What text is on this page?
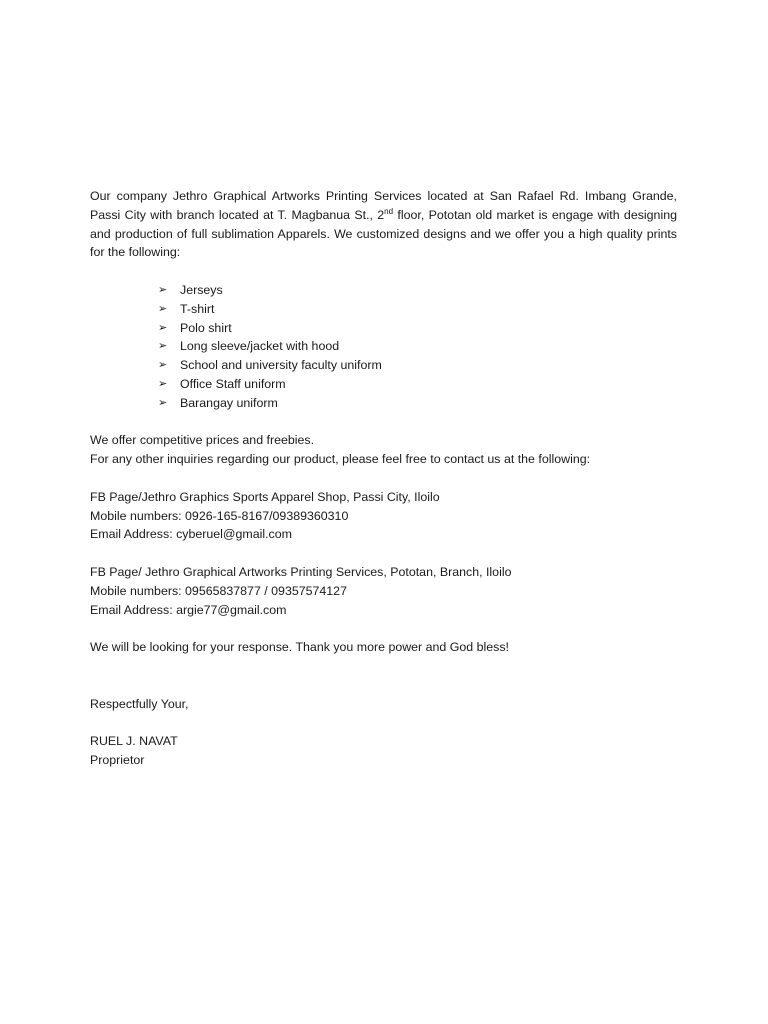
Our company Jethro Graphical Artworks Printing Services located at San Rafael Rd. Imbang Grande, Passi City with branch located at T. Magbanua St., 2nd floor, Pototan old market is engage with designing and production of full sublimation Apparels. We customized designs and we offer you a high quality prints for the following:

➢ Jerseys
➢ T-shirt
➢ Polo shirt
➢ Long sleeve/jacket with hood
➢ School and university faculty uniform
➢ Office Staff uniform
➢ Barangay uniform

We offer competitive prices and freebies.

For any other inquiries regarding our product, please feel free to contact us at the following:

FB Page/Jethro Graphics Sports Apparel Shop, Passi City, Iloilo

Mobile numbers: 0926-165-8167/09389360310

Email Address: cyberuel@gmail.com

FB Page/ Jethro Graphical Artworks Printing Services, Pototan, Branch, Iloilo

Mobile numbers: 09565837877 / 09357574127

Email Address: argie77@gmail.com

We will be looking for your response. Thank you more power and God bless!

Respectfully Your,

RUEL J. NAVAT

Proprietor
